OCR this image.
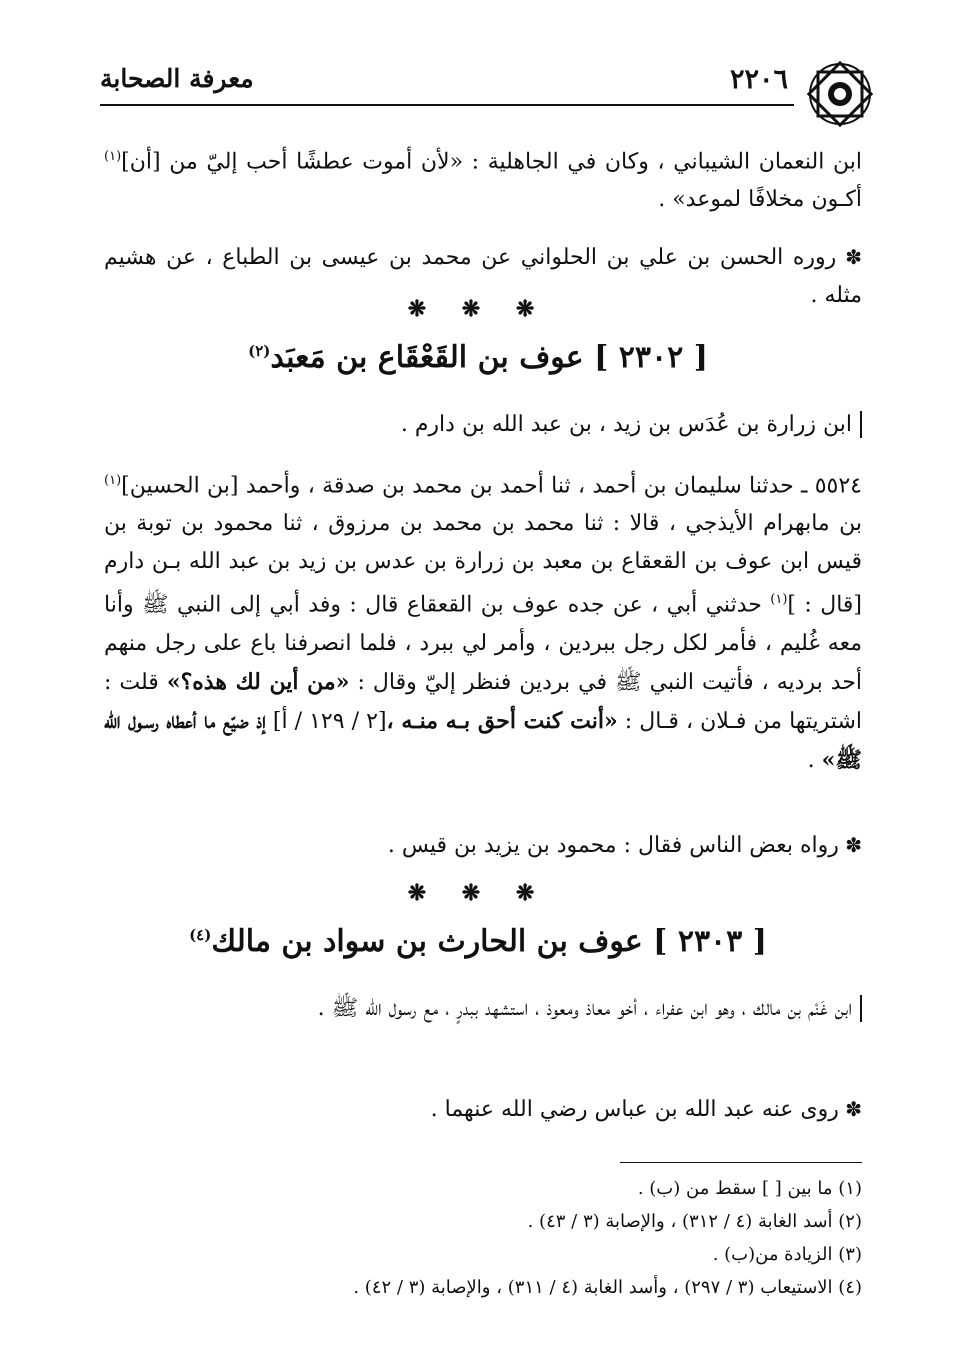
٢٢٠٦
معرفة الصحابة
ابن النعمان الشيباني ، وكان في الجاهلية : «لأن أموت عطشًا أحب إليّ من [أن]$^{(١)}$ أكـون مخلافًا لموعد» .
✽ روره الحسن بن علي بن الحلواني عن محمد بن عيسى بن الطباع ، عن هشيم مثله .
❋ ❋ ❋
[ ٢٣٠٢ ] عوف بن القَعْقَاع بن مَعبَد$^{(٢)}$
ابن زرارة بن عُدَس بن زيد ، بن عبد الله بن دارم .
٥٥٢٤ ـ حدثنا سليمان بن أحمد ، ثنا أحمد بن محمد بن صدقة ، وأحمد [بن الحسين]$^{(١)}$ بن مابهرام الأيذجي ، قالا : ثنا محمد بن محمد بن مرزوق ، ثنا محمود بن توبة بن قيس ابن عوف بن القعقاع بن معبد بن زرارة بن عدس بن زيد بن عبد الله بـن دارم [قال : ]$^{(١)}$ حدثني أبي ، عن جده عوف بن القعقاع قال : وفد أبي إلى النبي ﷺ وأنا معه غُليم ، فأمر لكل رجل ببردين ، وأمر لي ببرد ، فلما انصرفنا باع على رجل منهم أحد برديه ، فأتيت النبي ﷺ في بردين فنظر إليّ وقال : «من أين لك هذه؟» قلت : اشتريتها من فـلان ، قـال : «أنت كنت أحق بـه منـه ،[٢ / ١٢٩ / أ] إذ ضيّع ما أعطاه رسـول الله ﷺ» .
✽ رواه بعض الناس فقال : محمود بن يزيد بن قيس .
❋ ❋ ❋
[ ٢٣٠٣ ] عوف بن الحارث بن سواد بن مالك$^{(٤)}$
ابن غَنْم بن مالك ، وهو ابن عفراء ، أخو معاذ ومعوذ ، استشهد ببدرٍ ، مع رسول الله ﷺ .
✽ روى عنه عبد الله بن عباس رضي الله عنهما .
(١) ما بين [ ] سقط من (ب) .
(٢) أسد الغابة (٤ / ٣١٢) ، والإصابة (٣ / ٤٣) .
(٣) الزيادة من(ب) .
(٤) الاستيعاب (٣ / ٢٩٧) ، وأسد الغابة (٤ / ٣١١) ، والإصابة (٣ / ٤٢) .
